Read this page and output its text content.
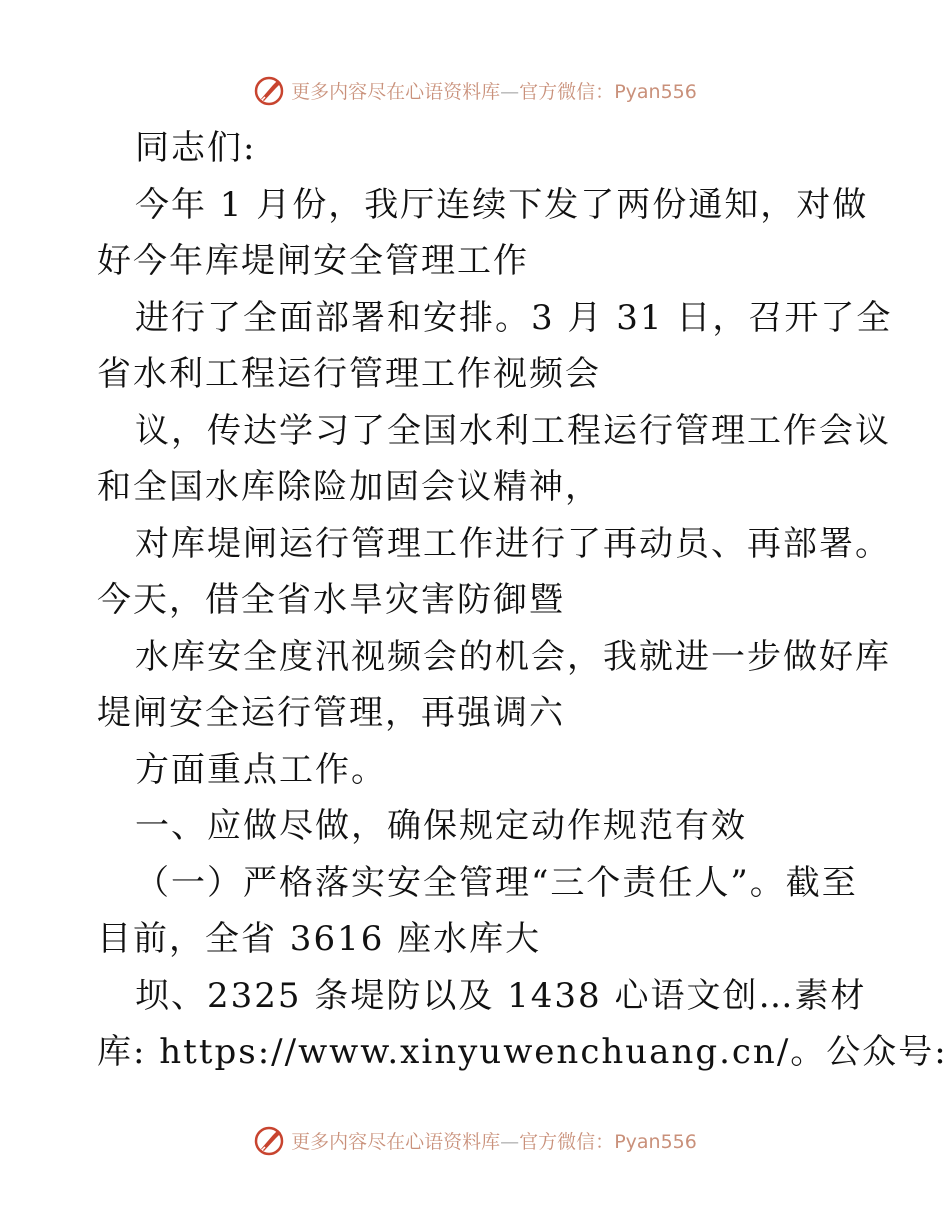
更多内容尽在心语资料库—官方微信：Pyan556
同志们:
今年 1 月份，我厅连续下发了两份通知，对做
好今年库堤闸安全管理工作
进行了全面部署和安排。3 月 31 日，召开了全
省水利工程运行管理工作视频会
议，传达学习了全国水利工程运行管理工作会议
和全国水库除险加固会议精神，
对库堤闸运行管理工作进行了再动员、再部署。
今天，借全省水旱灾害防御暨
水库安全度汛视频会的机会，我就进一步做好库
堤闸安全运行管理，再强调六
方面重点工作。
一、应做尽做，确保规定动作规范有效
（一）严格落实安全管理“三个责任人”。截至
目前，全省 3616 座水库大
坝、2325 条堤防以及 1438 心语文创…素材
库: https://www.xinyuwenchuang.cn/。公众号:
更多内容尽在心语资料库—官方微信：Pyan556
